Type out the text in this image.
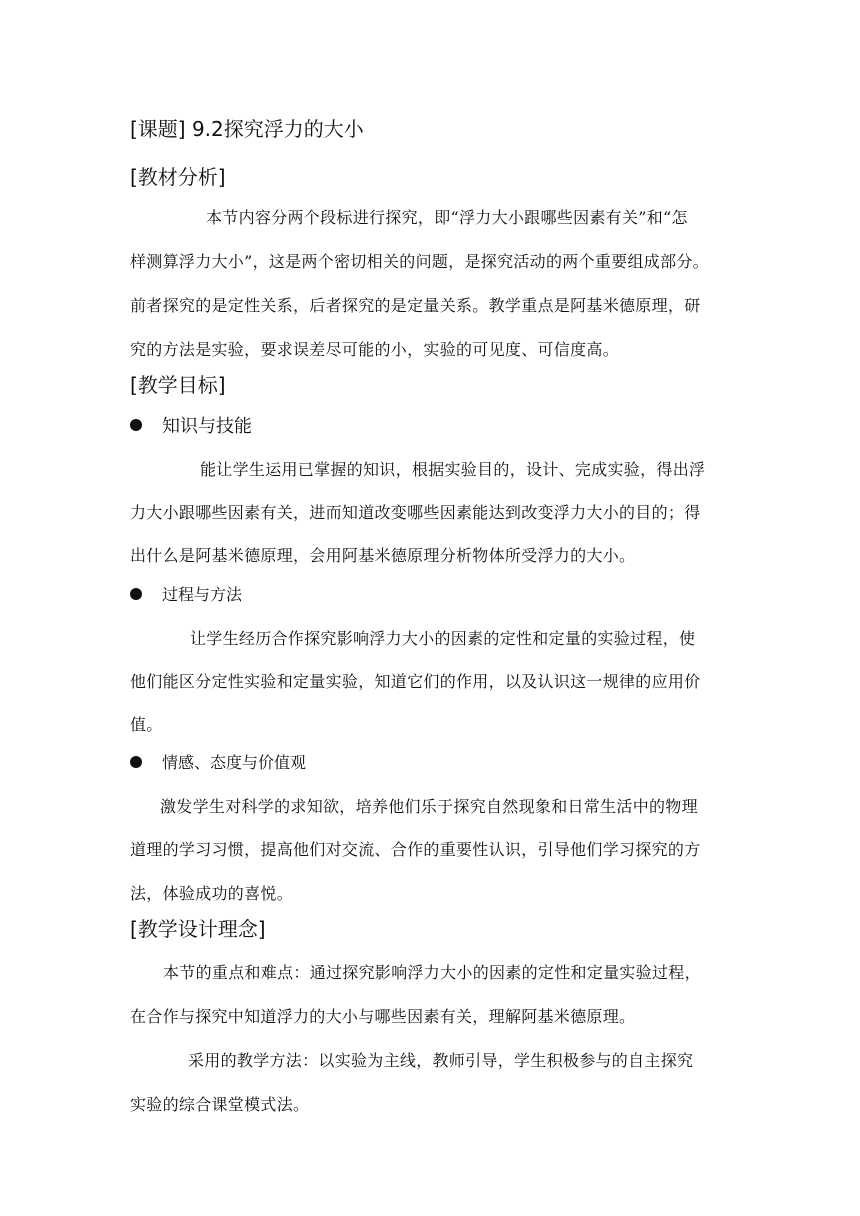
[课题] 9.2探究浮力的大小
[教材分析]
本节内容分两个段标进行探究，即“浮力大小跟哪些因素有关”和“怎
样测算浮力大小”，这是两个密切相关的问题，是探究活动的两个重要组成部分。
前者探究的是定性关系，后者探究的是定量关系。教学重点是阿基米德原理，研
究的方法是实验，要求误差尽可能的小，实验的可见度、可信度高。
[教学目标]
知识与技能
能让学生运用已掌握的知识，根据实验目的，设计、完成实验，得出浮
力大小跟哪些因素有关，进而知道改变哪些因素能达到改变浮力大小的目的；得
出什么是阿基米德原理，会用阿基米德原理分析物体所受浮力的大小。
过程与方法
让学生经历合作探究影响浮力大小的因素的定性和定量的实验过程，使
他们能区分定性实验和定量实验，知道它们的作用，以及认识这一规律的应用价
值。
情感、态度与价值观
激发学生对科学的求知欲，培养他们乐于探究自然现象和日常生活中的物理
道理的学习习惯，提高他们对交流、合作的重要性认识，引导他们学习探究的方
法，体验成功的喜悦。
[教学设计理念]
本节的重点和难点：通过探究影响浮力大小的因素的定性和定量实验过程，
在合作与探究中知道浮力的大小与哪些因素有关，理解阿基米德原理。
采用的教学方法：以实验为主线，教师引导，学生积极参与的自主探究
实验的综合课堂模式法。
